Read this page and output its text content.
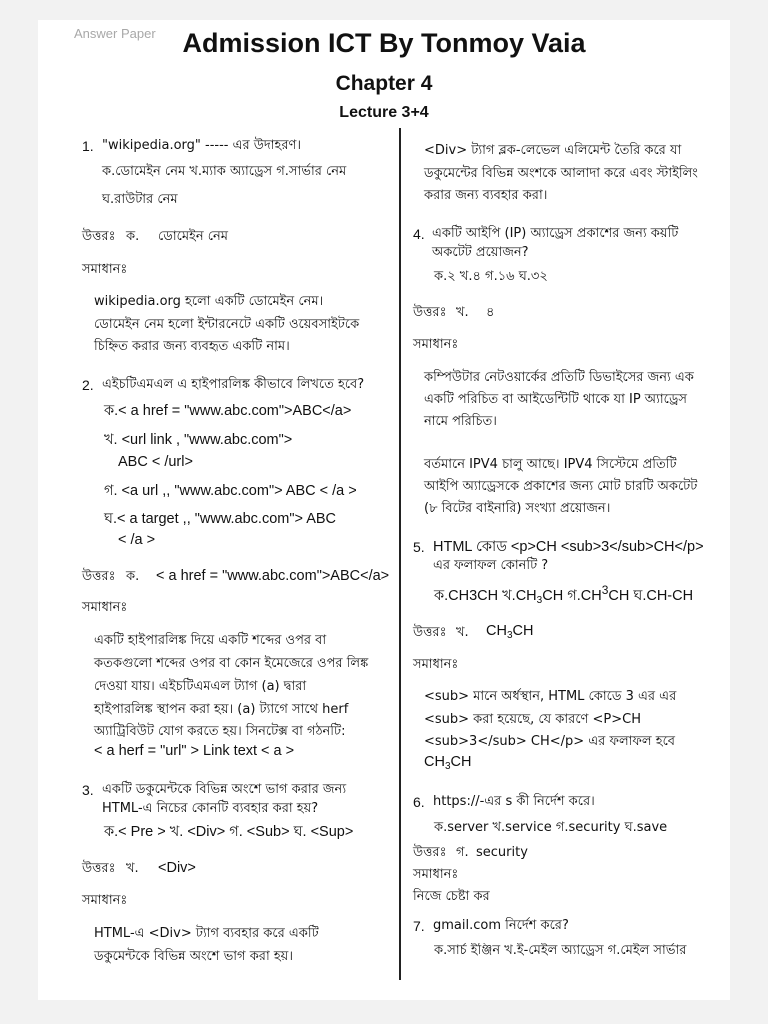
Answer Paper Admission ICT By Tonmoy Vaia
Chapter 4
Lecture 3+4
1. "wikipedia.org" ----- এর উদাহরণ।
ক.ডোমেইন নেম খ.ম্যাক অ্যাড্রেস গ.সার্ভার নেম
ঘ.রাউটার নেম
উত্তরঃ ক. ডোমেইন নেম
সমাধানঃ
wikipedia.org হলো একটি ডোমেইন নেম।
ডোমেইন নেম হলো ইন্টারনেটে একটি ওয়েবসাইটকে
চিহ্নিত করার জন্য ব্যবহৃত একটি নাম।
2. এইচটিএমএল এ হাইপারলিঙ্ক কীভাবে লিখতে হবে?
ক.< a href = "www.abc.com">ABC</a>
খ. <url link , "www.abc.com">
ABC < /url>
গ. <a url ,, "www.abc.com"> ABC < /a >
ঘ.< a target ,, "www.abc.com"> ABC
< /a >
উত্তরঃ ক. < a href = "www.abc.com">ABC</a>
সমাধানঃ
একটি হাইপারলিঙ্ক দিয়ে একটি শব্দের ওপর বা
কতকগুলো শব্দের ওপর বা কোন ইমেজেরে ওপর লিঙ্ক
দেওয়া যায়। এইচটিএমএল ট্যাগ (a) দ্বারা
হাইপারলিঙ্ক স্থাপন করা হয়। (a) ট্যাগে সাথে herf
অ্যাট্রিবিউট যোগ করতে হয়। সিনটেক্স বা গঠনটি:
< a herf = "url" > Link text < a >
3. একটি ডকুমেন্টকে বিভিন্ন অংশে ভাগ করার জন্য
HTML-এ নিচের কোনটি ব্যবহার করা হয়?
ক.< Pre > খ. <Div> গ. <Sub> ঘ. <Sup>
উত্তরঃ খ. <Div>
সমাধানঃ
HTML-এ <Div> ট্যাগ ব্যবহার করে একটি
ডকুমেন্টকে বিভিন্ন অংশে ভাগ করা হয়।
<Div> ট্যাগ ব্লক-লেভেল এলিমেন্ট তৈরি করে যা
ডকুমেন্টের বিভিন্ন অংশকে আলাদা করে এবং স্টাইলিং
করার জন্য ব্যবহার করা।
4. একটি আইপি (IP) অ্যাড্রেস প্রকাশের জন্য কয়টি
অকটেট প্রয়োজন?
ক.২ খ.৪ গ.১৬ ঘ.৩২
উত্তরঃ খ. ৪
সমাধানঃ
কম্পিউটার নেটওয়ার্কের প্রতিটি ডিভাইসের জন্য এক
একটি পরিচিত বা আইডেন্টিটি থাকে যা IP অ্যাড্রেস
নামে পরিচিত।
বর্তমানে IPV4 চালু আছে। IPV4 সিস্টেমে প্রতিটি
আইপি অ্যাড্রেসকে প্রকাশের জন্য মোট চারটি অকটেট
(৮ বিটের বাইনারি) সংখ্যা প্রয়োজন।
5. HTML কোড <p>CH <sub>3</sub>CH</p>
এর ফলাফল কোনটি ?
ক.CH3CH $খ.CH_3CH$ $গ.CH^3CH$ ঘ.CH-CH
উত্তরঃ খ. $CH_3CH$
সমাধানঃ
<sub> মানে অর্ধস্থান, HTML কোডে 3 এর এর
<sub> করা হয়েছে, যে কারণে <P>CH
<sub>3</sub> CH</p> এর ফলাফল হবে
$CH_3CH$
6. https://-এর s কী নির্দেশ করে।
ক.server খ.service গ.security ঘ.save
উত্তরঃ গ. security
সমাধানঃ
নিজে চেষ্টা কর
7. gmail.com নির্দেশ করে?
ক.সার্চ ইঞ্জিন খ.ই-মেইল অ্যাড্রেস গ.মেইল সার্ভার
